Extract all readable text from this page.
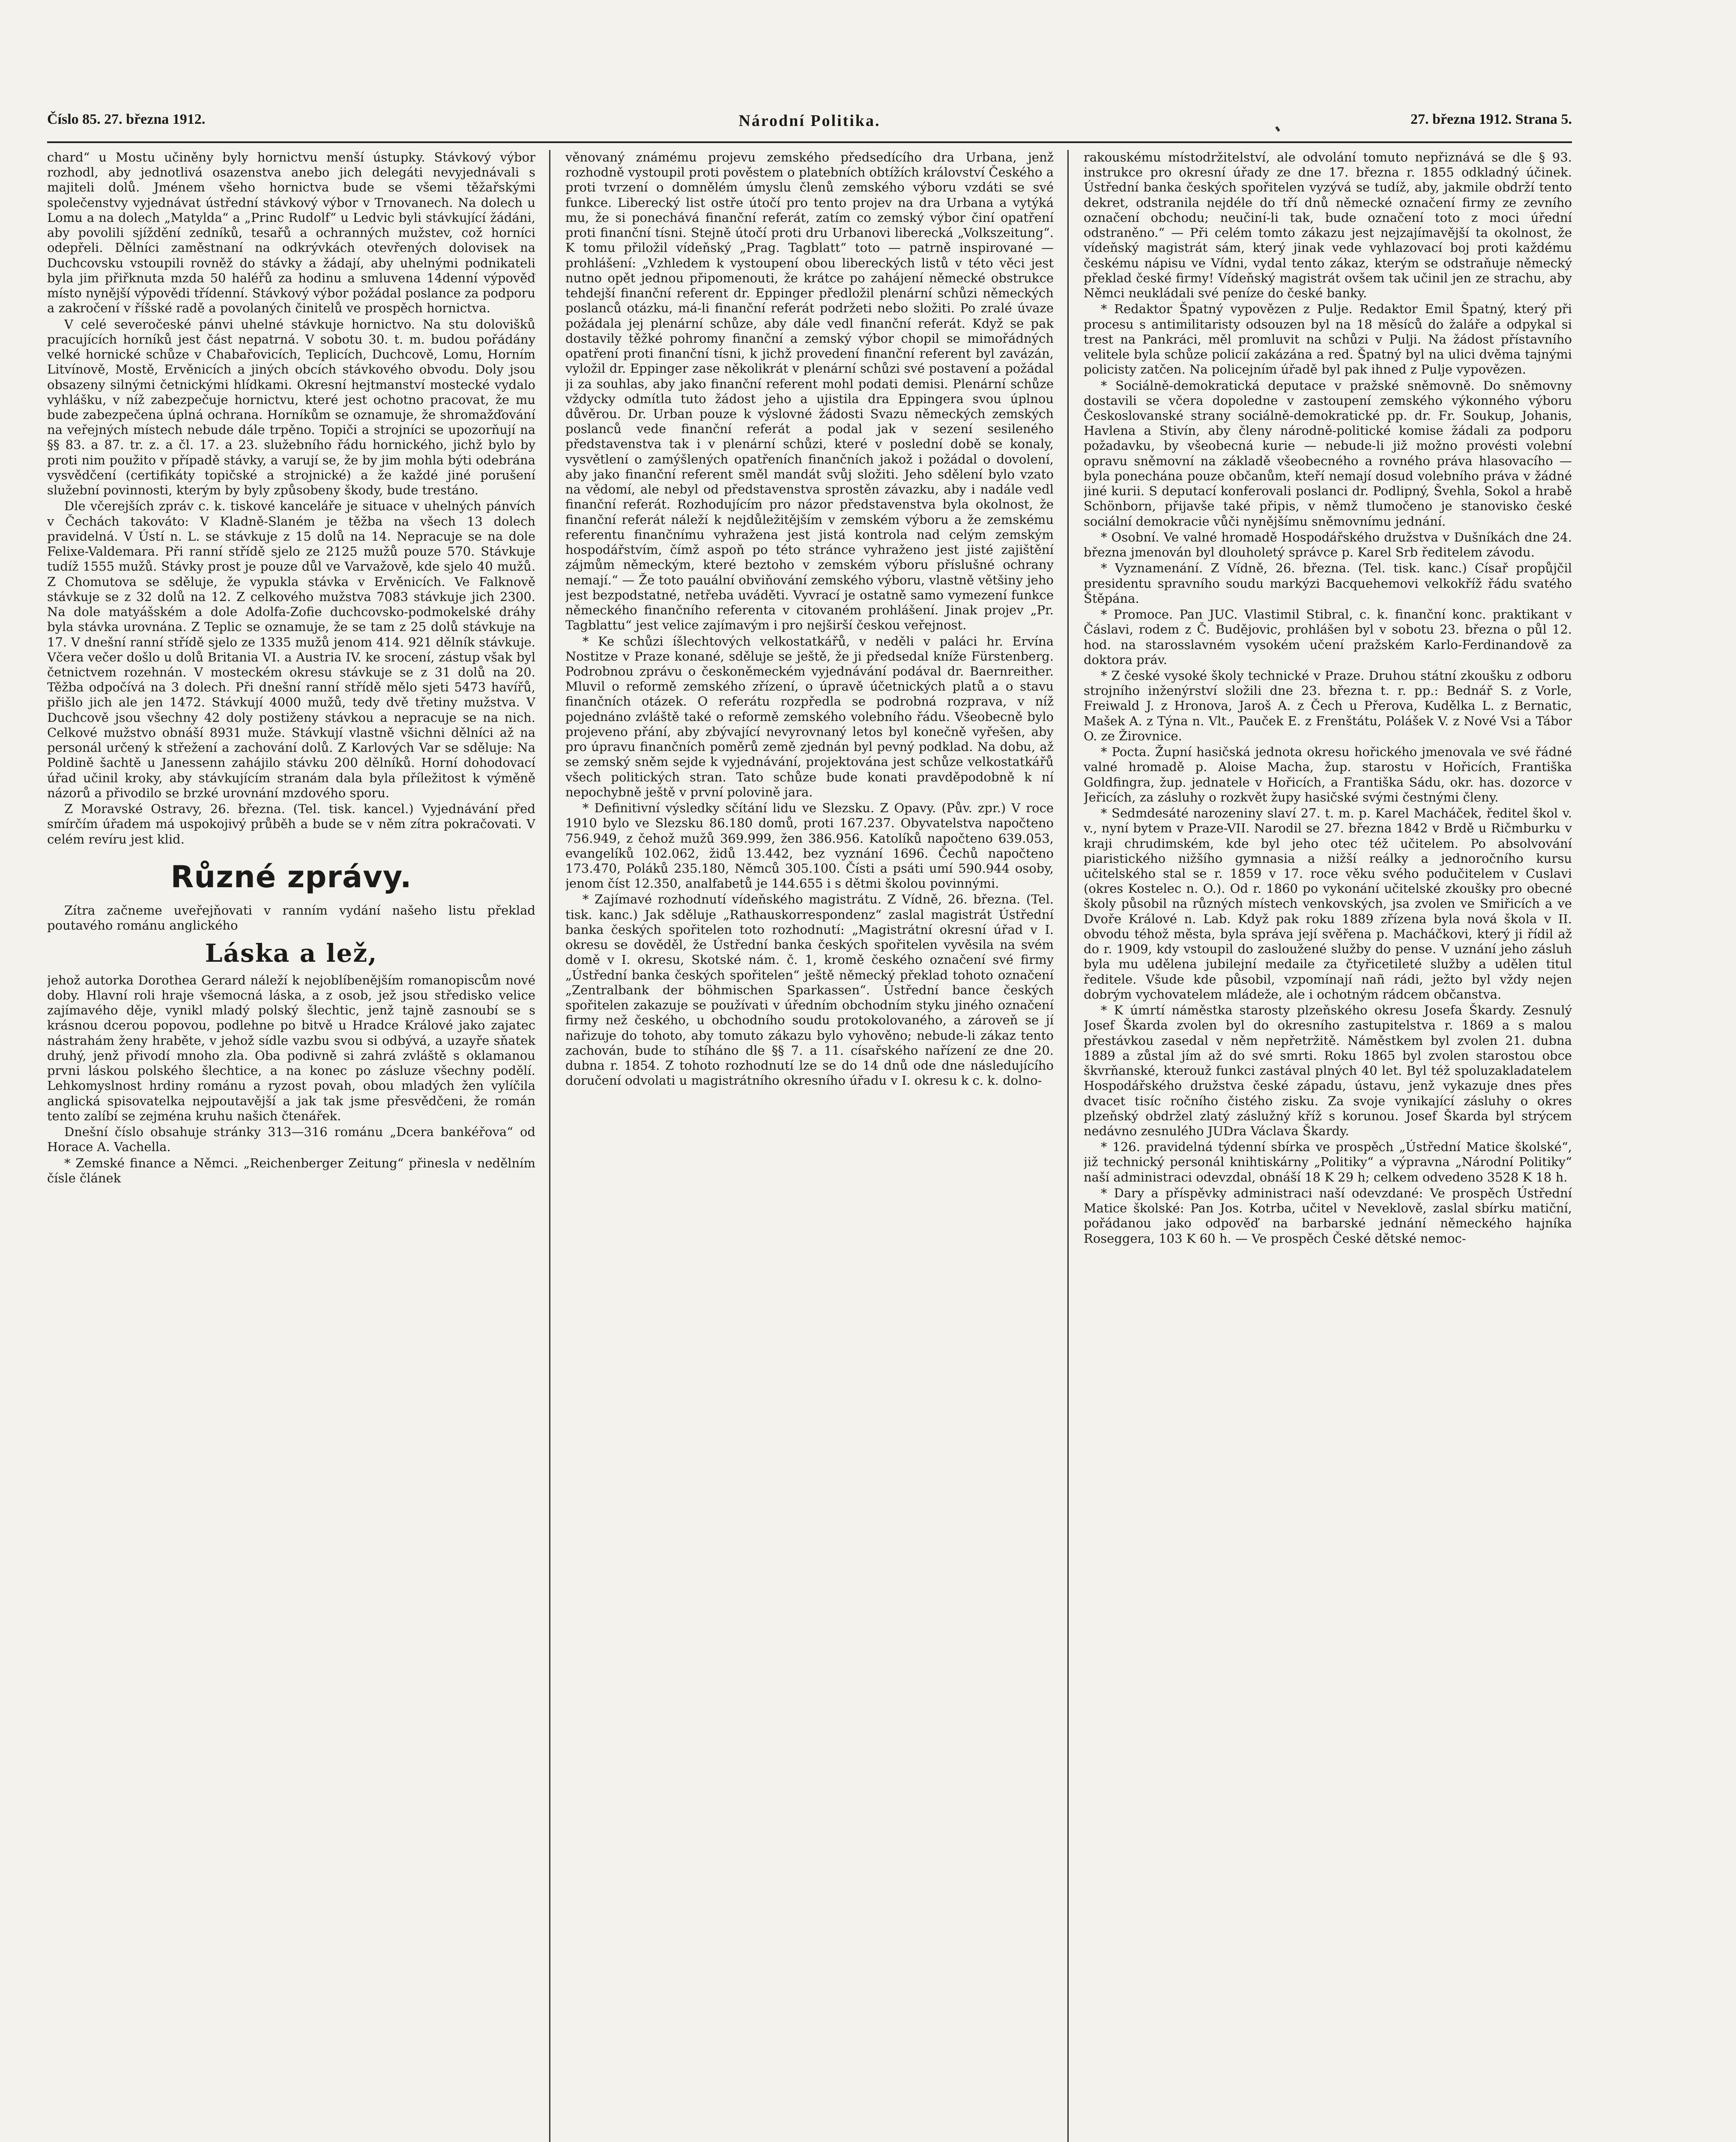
Číslo 85. 27. března 1912.	Národní Politika.	27. března 1912. Strana 5.

chard“ u Mostu učiněny byly hornictvu menší ústupky. Stávkový výbor rozhodl, aby jednotlivá osazenstva anebo jich delegáti nevyjednávali s majiteli dolů. Jménem všeho hornictva bude se všemi těžařskými společenstvy vyjednávat ústřední stávkový výbor v Trnovanech. Na dolech u Lomu a na dolech „Matylda“ a „Princ Rudolf“ u Ledvic byli stávkující žádáni, aby povolili sjíždění zedníků, tesařů a ochranných mužstev, což horníci odepřeli. Dělníci zaměstnaní na odkrývkách otevřených dolovisek na Duchcovsku vstoupili rovněž do stávky a žádají, aby uhelnými podnikateli byla jim přiřknuta mzda 50 haléřů za hodinu a smluvena 14denní výpověď místo nynější výpovědi třídenní. Stávkový výbor požádal poslance za podporu a zakročení v říšské radě a povolaných činitelů ve prospěch hornictva.

V celé severočeské pánvi uhelné stávkuje hornictvo. Na stu dolovišků pracujících horníků jest část nepatrná. V sobotu 30. t. m. budou pořádány velké hornické schůze v Chabařovicích, Teplicích, Duchcově, Lomu, Horním Litvínově, Mostě, Ervěnicích a jiných obcích stávkového obvodu. Doly jsou obsazeny silnými četnickými hlídkami. Okresní hejtmanství mostecké vydalo vyhlášku, v níž zabezpečuje hornictvu, které jest ochotno pracovat, že mu bude zabezpečena úplná ochrana. Horníkům se oznamuje, že shromažďování na veřejných místech nebude dále trpěno. Topiči a strojníci se upozorňují na §§ 83. a 87. tr. z. a čl. 17. a 23. služebního řádu hornického, jichž bylo by proti nim použito v případě stávky, a varují se, že by jim mohla býti odebrána vysvědčení (certifikáty topičské a strojnické) a že každé jiné porušení služební povinnosti, kterým by byly způsobeny škody, bude trestáno.

Dle včerejších zpráv c. k. tiskové kanceláře je situace v uhelných pánvích v Čechách takováto: V Kladně-Slaném je těžba na všech 13 dolech pravidelná. V Ústí n. L. se stávkuje z 15 dolů na 14. Nepracuje se na dole Felixe-Valdemara. Při ranní střídě sjelo ze 2125 mužů pouze 570. Stávkuje tudíž 1555 mužů. Stávky prost je pouze důl ve Varvažově, kde sjelo 40 mužů. Z Chomutova se sděluje, že vypukla stávka v Ervěnicích. Ve Falknově stávkuje se z 32 dolů na 12. Z celkového mužstva 7083 stávkuje jich 2300. Na dole matyášském a dole Adolfa-Zofie duchcovsko-podmokelské dráhy byla stávka urovnána. Z Teplic se oznamuje, že se tam z 25 dolů stávkuje na 17. V dnešní ranní střídě sjelo ze 1335 mužů jenom 414. 921 dělník stávkuje. Včera večer došlo u dolů Britania VI. a Austria IV. ke srocení, zástup však byl četnictvem rozehnán. V mosteckém okresu stávkuje se z 31 dolů na 20. Těžba odpočívá na 3 dolech. Při dnešní ranní střídě mělo sjeti 5473 havířů, přišlo jich ale jen 1472. Stávkují 4000 mužů, tedy dvě třetiny mužstva. V Duchcově jsou všechny 42 doly postiženy stávkou a nepracuje se na nich. Celkové mužstvo obnáší 8931 muže. Stávkují vlastně všichni dělníci až na personál určený k střežení a zachování dolů. Z Karlových Var se sděluje: Na Poldině šachtě u Janessenn zahájilo stávku 200 dělníků. Horní dohodovací úřad učinil kroky, aby stávkujícím stranám dala byla příležitost k výměně názorů a přivodilo se brzké urovnání mzdového sporu.

Z Moravské Ostravy, 26. března. (Tel. tisk. kancel.) Vyjednávání před smírčím úřadem má uspokojivý průběh a bude se v něm zítra pokračovati. V celém revíru jest klid.

Různé zprávy.

Zítra začneme uveřejňovati v ranním vydání našeho listu překlad poutavého románu anglického

Láska a lež,

jehož autorka Dorothea Gerard náleží k nejoblíbenějším romanopiscům nové doby. Hlavní roli hraje všemocná láska, a z osob, jež jsou středisko velice zajímavého děje, vynikl mladý polský šlechtic, jenž tajně zasnoubí se s krásnou dcerou popovou, podlehne po bitvě u Hradce Králové jako zajatec nástrahám ženy hraběte, v jehož sídle vazbu svou si odbývá, a uzayře sňatek druhý, jenž přivodí mnoho zla. Oba podivně si zahrá zvláště s oklamanou prvni láskou polského šlechtice, a na konec po zásluze všechny podělí. Lehkomyslnost hrdiny románu a ryzost povah, obou mladých žen vylíčila anglická spisovatelka nejpoutavější a jak tak jsme přesvědčeni, že román tento zalíbí se zejména kruhu našich čtenářek.

Dnešní číslo obsahuje stránky 313—316 románu „Dcera bankéřova“ od Horace A. Vachella.

* Zemské finance a Němci. „Reichenberger Zeitung“ přinesla v nedělním čísle článek

věnovaný známému projevu zemského předsedícího dra Urbana, jenž rozhodně vystoupil proti pověstem o platebních obtížích království Českého a proti tvrzení o domnělém úmyslu členů zemského výboru vzdáti se své funkce. Liberecký list ostře útočí pro tento projev na dra Urbana a vytýká mu, že si ponechává finanční referát, zatím co zemský výbor činí opatření proti finanční tísni. Stejně útočí proti dru Urbanovi liberecká „Volkszeitung“. K tomu přiložil vídeňský „Prag. Tagblatt“ toto — patrně inspirované — prohlášení: „Vzhledem k vystoupení obou libereckých listů v této věci jest nutno opět jednou připomenouti, že krátce po zahájení německé obstrukce tehdejší finanční referent dr. Eppinger předložil plenární schůzi německých poslanců otázku, má-li finanční referát podržeti nebo složiti. Po zralé úvaze požádala jej plenární schůze, aby dále vedl finanční referát. Když se pak dostavily těžké pohromy finanční a zemský výbor chopil se mimořádných opatření proti finanční tísni, k jichž provedení finanční referent byl zavázán, vyložil dr. Eppinger zase několikrát v plenární schůzi své postavení a požádal ji za souhlas, aby jako finanční referent mohl podati demisi. Plenární schůze vždycky odmítla tuto žádost jeho a ujistila dra Eppingera svou úplnou důvěrou. Dr. Urban pouze k výslovné žádosti Svazu německých zemských poslanců vede finanční referát a podal jak v sezení sesileného představenstva tak i v plenární schůzi, které v poslední době se konaly, vysvětlení o zamýšlených opatřeních finančních jakož i požádal o dovolení, aby jako finanční referent směl mandát svůj složiti. Jeho sdělení bylo vzato na vědomí, ale nebyl od představenstva sprostěn závazku, aby i nadále vedl finanční referát. Rozhodujícím pro názor představenstva byla okolnost, že finanční referát náleží k nejdůležitějším v zemském výboru a že zemskému referentu finančnímu vyhražena jest jistá kontrola nad celým zemským hospodářstvím, čímž aspoň po této stránce vyhraženo jest jisté zajištění zájmům německým, které beztoho v zemském výboru příslušné ochrany nemají.“ — Že toto pauální obviňování zemského výboru, vlastně většiny jeho jest bezpodstatné, netřeba uváděti. Vyvrací je ostatně samo vymezení funkce německého finančního referenta v citovaném prohlášení. Jinak projev „Pr. Tagblattu“ jest velice zajímavým i pro nejširší českou veřejnost.

* Ke schůzi íšlechtových velkostatkářů, v neděli v paláci hr. Ervína Nostitze v Praze konané, sděluje se ještě, že ji předsedal kníže Fürstenberg. Podrobnou zprávu o českoněmeckém vyjednávání podával dr. Baernreither. Mluvil o reformě zemského zřízení, o úpravě účetnických platů a o stavu finančních otázek. O referátu rozpředla se podrobná rozprava, v níž pojednáno zvláště také o reformě zemského volebního řádu. Všeobecně bylo projeveno přání, aby zbývající nevyrovnaný letos byl konečně vyřešen, aby pro úpravu finančních poměrů země zjednán byl pevný podklad. Na dobu, až se zemský sněm sejde k vyjednávání, projektována jest schůze velkostatkářů všech politických stran. Tato schůze bude konati pravděpodobně k ní nepochybně ještě v první polovině jara.

* Definitivní výsledky sčítání lidu ve Slezsku. Z Opavy. (Pův. zpr.) V roce 1910 bylo ve Slezsku 86.180 domů, proti 167.237. Obyvatelstva napočteno 756.949, z čehož mužů 369.999, žen 386.956. Katolíků napočteno 639.053, evangelíků 102.062, židů 13.442, bez vyznání 1696. Čechů napočteno 173.470, Poláků 235.180, Němců 305.100. Čísti a psáti umí 590.944 osoby, jenom číst 12.350, analfabetů je 144.655 i s dětmi školou povinnými.

* Zajímavé rozhodnutí vídeňského magistrátu. Z Vídně, 26. března. (Tel. tisk. kanc.) Jak sděluje „Rathauskorrespondenz“ zaslal magistrát Ústřední banka českých spořitelen toto rozhodnutí: „Magistrátní okresní úřad v I. okresu se dověděl, že Ústřední banka českých spořitelen vyvěsila na svém domě v I. okresu, Skotské nám. č. 1, kromě českého označení své firmy „Ústřední banka českých spořitelen“ ještě německý překlad tohoto označení „Zentralbank der böhmischen Sparkassen“. Ústřední bance českých spořitelen zakazuje se používati v úředním obchodním styku jiného označení firmy než českého, u obchodního soudu protokolovaného, a zároveň se jí nařizuje do tohoto, aby tomuto zákazu bylo vyhověno; nebude-li zákaz tento zachován, bude to stíháno dle §§ 7. a 11. císařského nařízení ze dne 20. dubna r. 1854. Z tohoto rozhodnutí lze se do 14 dnů ode dne následujícího doručení odvolati u magistrátního okresního úřadu v I. okresu k c. k. dolno-

rakouskému místodržitelství, ale odvolání tomuto nepřiznává se dle § 93. instrukce pro okresní úřady ze dne 17. března r. 1855 odkladný účinek. Ústřední banka českých spořitelen vyzývá se tudíž, aby, jakmile obdrží tento dekret, odstranila nejdéle do tří dnů německé označení firmy ze zevního označení obchodu; neučiní-li tak, bude označení toto z moci úřední odstraněno.“ — Při celém tomto zákazu jest nejzajímavější ta okolnost, že vídeňský magistrát sám, který jinak vede vyhlazovací boj proti každému českému nápisu ve Vídni, vydal tento zákaz, kterým se odstraňuje německý překlad české firmy! Vídeňský magistrát ovšem tak učinil jen ze strachu, aby Němci neukládali své peníze do české banky.

* Redaktor Špatný vypovězen z Pulje. Redaktor Emil Špatný, který při procesu s antimilitaristy odsouzen byl na 18 měsíců do žaláře a odpykal si trest na Pankráci, měl promluvit na schůzi v Pulji. Na žádost přístavního velitele byla schůze policií zakázána a red. Špatný byl na ulici dvěma tajnými policisty zatčen. Na policejním úřadě byl pak ihned z Pulje vypovězen.

* Sociálně-demokratická deputace v pražské sněmovně. Do sněmovny dostavili se včera dopoledne v zastoupení zemského výkonného výboru Českoslovanské strany sociálně-demokratické pp. dr. Fr. Soukup, Johanis, Havlena a Stivín, aby členy národně-politické komise žádali za podporu požadavku, by všeobecná kurie — nebude-li již možno provésti volební opravu sněmovní na základě všeobecného a rovného práva hlasovacího — byla ponechána pouze občanům, kteří nemají dosud volebního práva v žádné jiné kurii. S deputací konferovali poslanci dr. Podlipný, Švehla, Sokol a hrabě Schönborn, přijavše také připis, v němž tlumočeno je stanovisko české sociální demokracie vůči nynějšímu sněmovnímu jednání.

* Osobní. Ve valné hromadě Hospodářského družstva v Dušníkách dne 24. března jmenován byl dlouholetý správce p. Karel Srb ředitelem závodu.

* Vyznamenání. Z Vídně, 26. března. (Tel. tisk. kanc.) Císař propůjčil presidentu spravního soudu markýzi Bacquehemovi velkokříž řádu svatého Štěpána.

* Promoce. Pan JUC. Vlastimil Stibral, c. k. finanční konc. praktikant v Čáslavi, rodem z Č. Budějovic, prohlášen byl v sobotu 23. března o půl 12. hod. na starosslavném vysokém učení pražském Karlo-Ferdinandově za doktora práv.

* Z české vysoké školy technické v Praze. Druhou státní zkoušku z odboru strojního inženýrství složili dne 23. března t. r. pp.: Bednář S. z Vorle, Freiwald J. z Hronova, Jaroš A. z Čech u Přerova, Kudělka L. z Bernatic, Mašek A. z Týna n. Vlt., Pauček E. z Frenštátu, Polášek V. z Nové Vsi a Tábor O. ze Žirovnice.

* Pocta. Župní hasičská jednota okresu hořického jmenovala ve své řádné valné hromadě p. Aloise Macha, žup. starostu v Hořicích, Františka Goldfingra, žup. jednatele v Hořicích, a Františka Sádu, okr. has. dozorce v Jeřicích, za zásluhy o rozkvět župy hasičské svými čestnými členy.

* Sedmdesáté narozeniny slaví 27. t. m. p. Karel Macháček, ředitel škol v. v., nyní bytem v Praze-VII. Narodil se 27. března 1842 v Brdě u Ričmburku v kraji chrudimském, kde byl jeho otec též učitelem. Po absolvování piaristického nižšího gymnasia a nižší reálky a jednoročního kursu učitelského stal se r. 1859 v 17. roce věku svého podučitelem v Cuslavi (okres Kostelec n. O.). Od r. 1860 po vykonání učitelské zkoušky pro obecné školy působil na různých místech venkovských, jsa zvolen ve Smiřicích a ve Dvoře Králové n. Lab. Když pak roku 1889 zřízena byla nová škola v II. obvodu téhož města, byla správa její svěřena p. Macháčkovi, který ji řídil až do r. 1909, kdy vstoupil do zasloužené služby do pense. V uznání jeho zásluh byla mu udělena jubilejní medaile za čtyřicetileté služby a udělen titul ředitele. Všude kde působil, vzpomínají nañ rádi, ježto byl vždy nejen dobrým vychovatelem mládeže, ale i ochotným rádcem občanstva.

* K úmrtí náměstka starosty plzeňského okresu Josefa Škardy. Zesnulý Josef Škarda zvolen byl do okresního zastupitelstva r. 1869 a s malou přestávkou zasedal v něm nepřetržitě. Náměstkem byl zvolen 21. dubna 1889 a zůstal jím až do své smrti. Roku 1865 byl zvolen starostou obce škvrňanské, kterouž funkci zastával plných 40 let. Byl též spoluzakladatelem Hospodářského družstva české západu, ústavu, jenž vykazuje dnes přes dvacet tisíc ročního čistého zisku. Za svoje vynikající zásluhy o okres plzeňský obdržel zlatý záslužný kříž s korunou. Josef Škarda byl strýcem nedávno zesnulého JUDra Václava Škardy.

* 126. pravidelná týdenní sbírka ve prospěch „Ústřední Matice školské“, již technický personál knihtiskárny „Politiky“ a výpravna „Národní Politiky“ naší administraci odevzdal, obnáší 18 K 29 h; celkem odvedeno 3528 K 18 h.

* Dary a příspěvky administraci naší odevzdané: Ve prospěch Ústřední Matice školské: Pan Jos. Kotrba, učitel v Neveklově, zaslal sbírku matiční, pořádanou jako odpověď na barbarské jednání německého hajníka Roseggera, 103 K 60 h. — Ve prospěch České dětské nemoc-
